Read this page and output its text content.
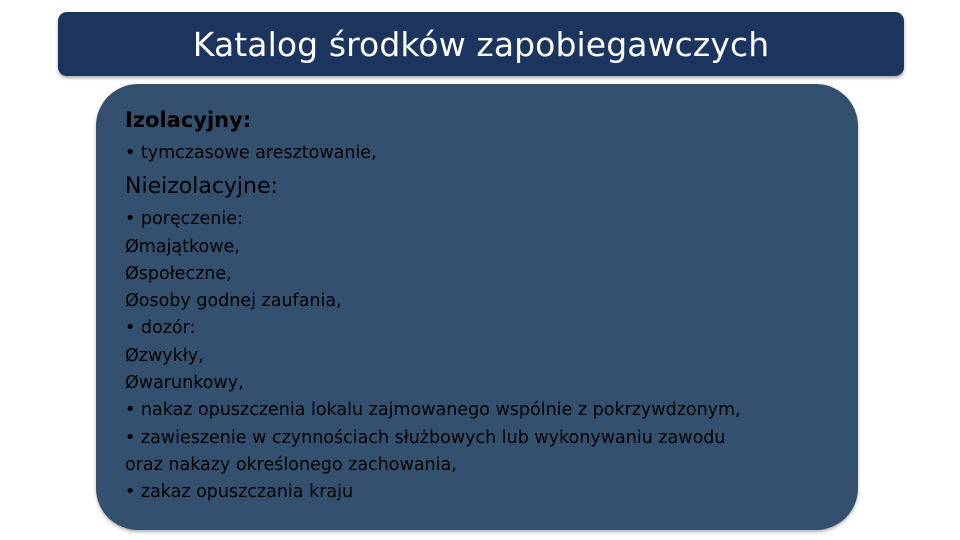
Katalog środków zapobiegawczych
Izolacyjny:
• tymczasowe aresztowanie,
Nieizolacyjne:
• poręczenie:
Ømajątkowe,
Øspołeczne,
Øosoby godnej zaufania,
• dozór:
Øzwykły,
Øwarunkowy,
• nakaz opuszczenia lokalu zajmowanego wspólnie z pokrzywdzonym,
• zawieszenie w czynnościach służbowych lub wykonywaniu zawodu
oraz nakazy określonego zachowania,
• zakaz opuszczania kraju
